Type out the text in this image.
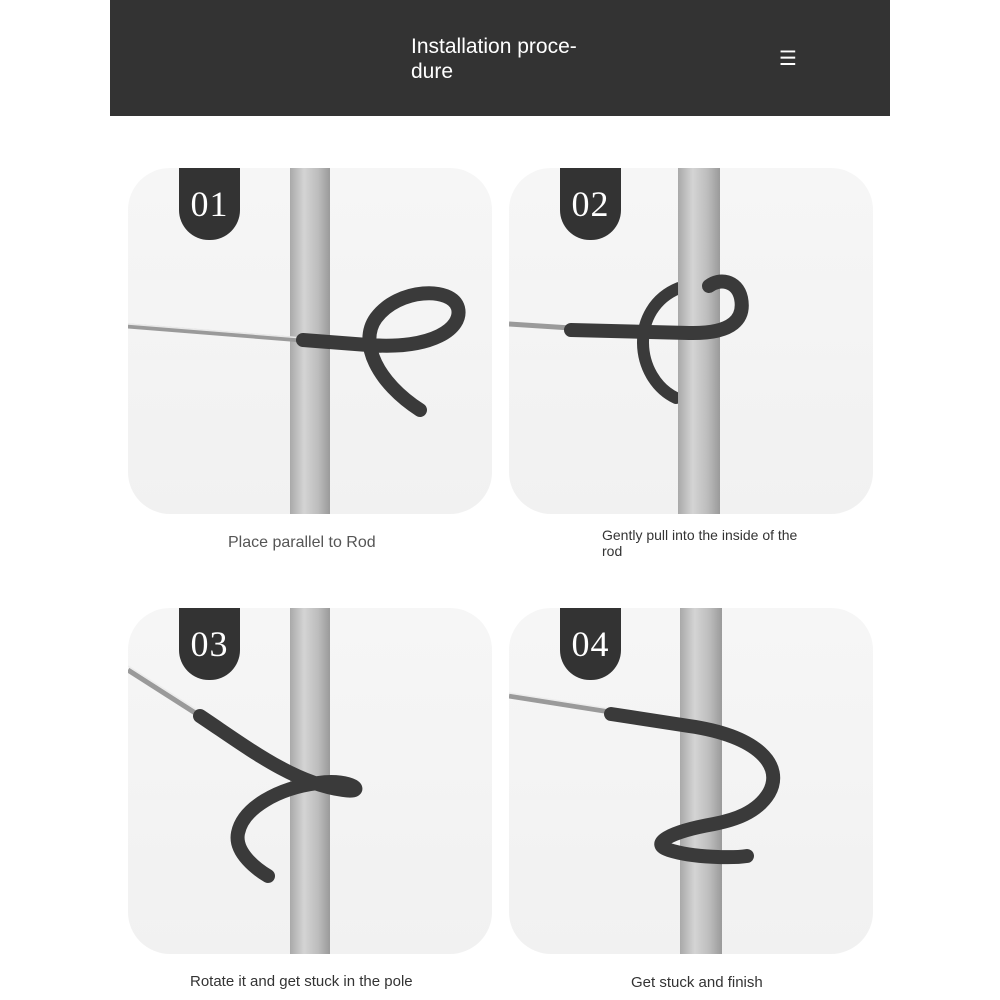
Installation proce-
dure
☰
01	02
Place parallel to Rod	Gently pull into the inside of the rod
03	04
Rotate it and get stuck in the pole	Get stuck and finish
